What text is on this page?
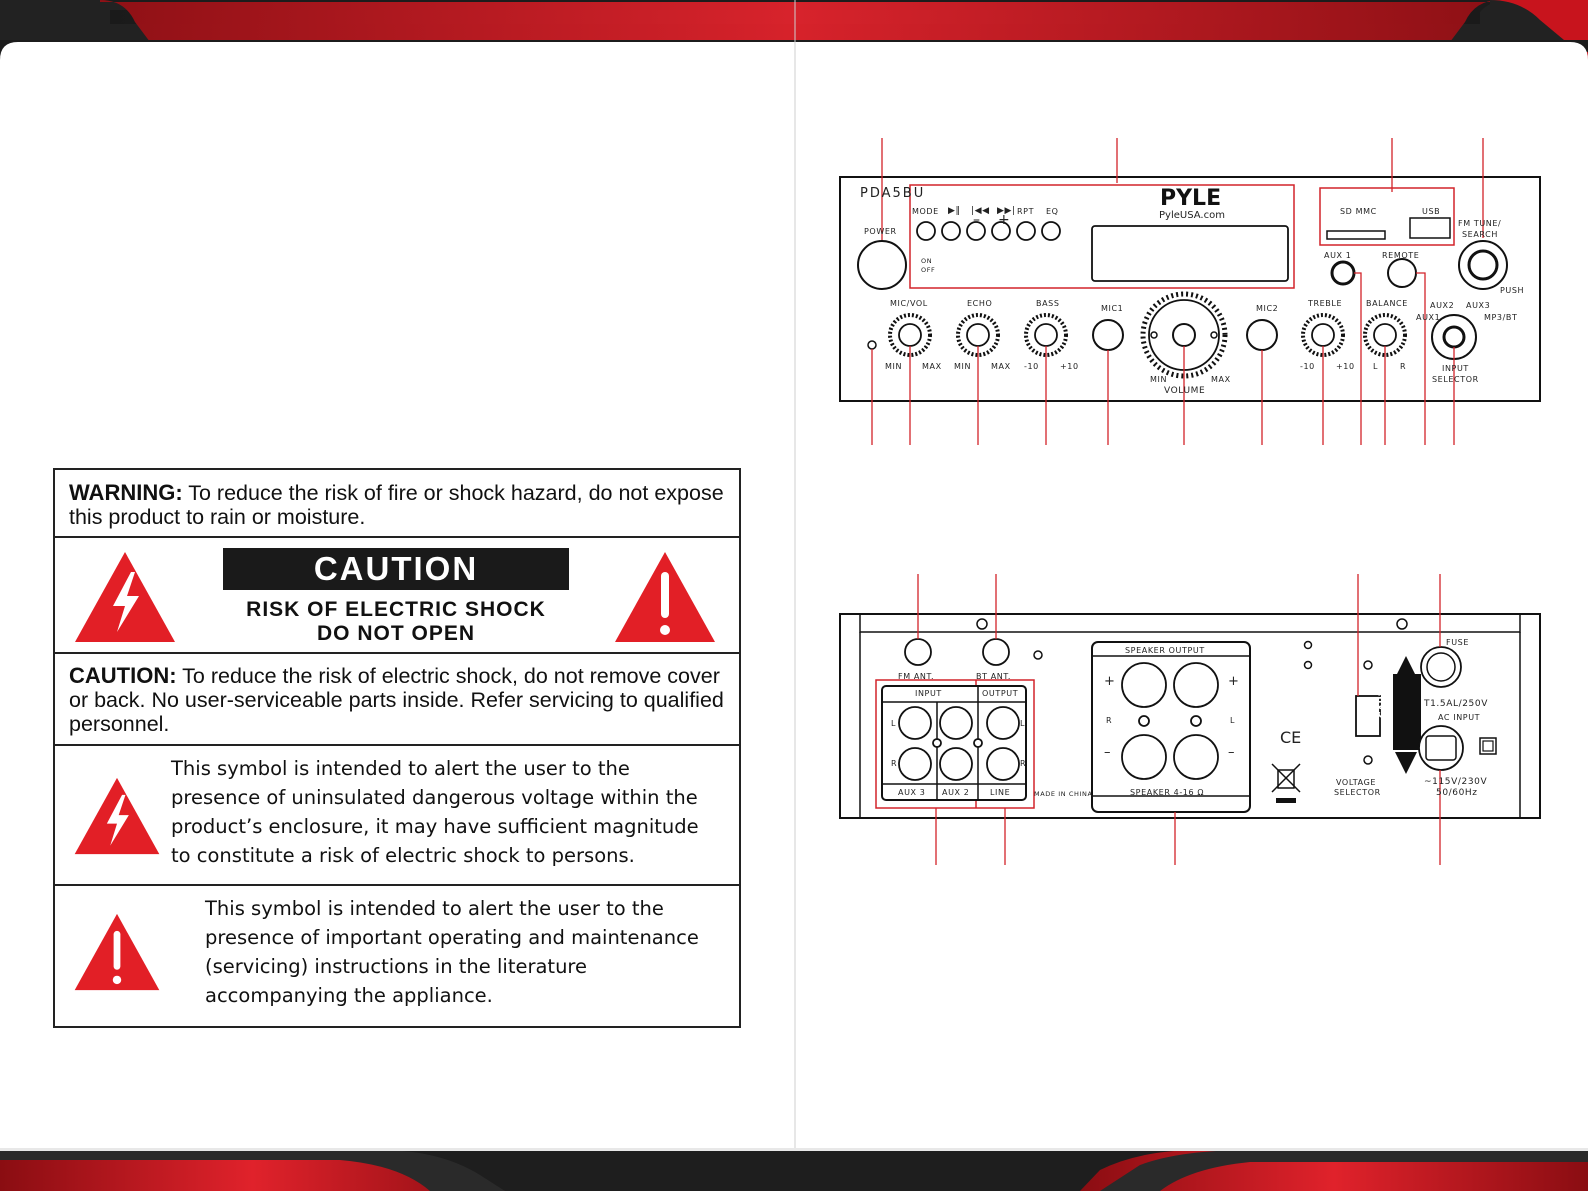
WARNING: To reduce the risk of fire or shock hazard, do not expose this product to rain or moisture.
CAUTION
RISK OF ELECTRIC SHOCK
DO NOT OPEN
CAUTION: To reduce the risk of electric shock, do not remove cover or back. No user-serviceable parts inside. Refer servicing to qualified personnel.
This symbol is intended to alert the user to the presence of uninsulated dangerous voltage within the product’s enclosure, it may have sufficient magnitude to constitute a risk of electric shock to persons.
This symbol is intended to alert the user to the presence of important operating and maintenance (servicing) instructions in the literature accompanying the appliance.
PDA5BU	PYLE
PyleUSA.com
POWER
ON
OFF
MODE ▶‖ |◀◀ ▶▶|
– +
RPT EQ	SD MMC	USB
AUX 1	REMOTE
FM TUNE/
SEARCH
PUSH
MIC/VOL	ECHO	BASS
MIC1	MIC2
TREBLE	BALANCE	AUX2 AUX3
AUX1	MP3/BT
MIN MAX MIN MAX -10	+10
MIN	MAX
VOLUME
-10	+10 L	R	INPUT
SELECTOR
FM ANT.	BT ANT.
INPUT	OUTPUT
AUX 3 AUX 2	LINE
L
R
L
R
MADE IN CHINA
SPEAKER OUTPUT
SPEAKER 4-16 Ω
+	+
–	–
R	L
CE
VOLTAGE
SELECTOR
CAUTION
FUSE
T1.5AL/250V
AC INPUT
~115V/230V
50/60Hz
